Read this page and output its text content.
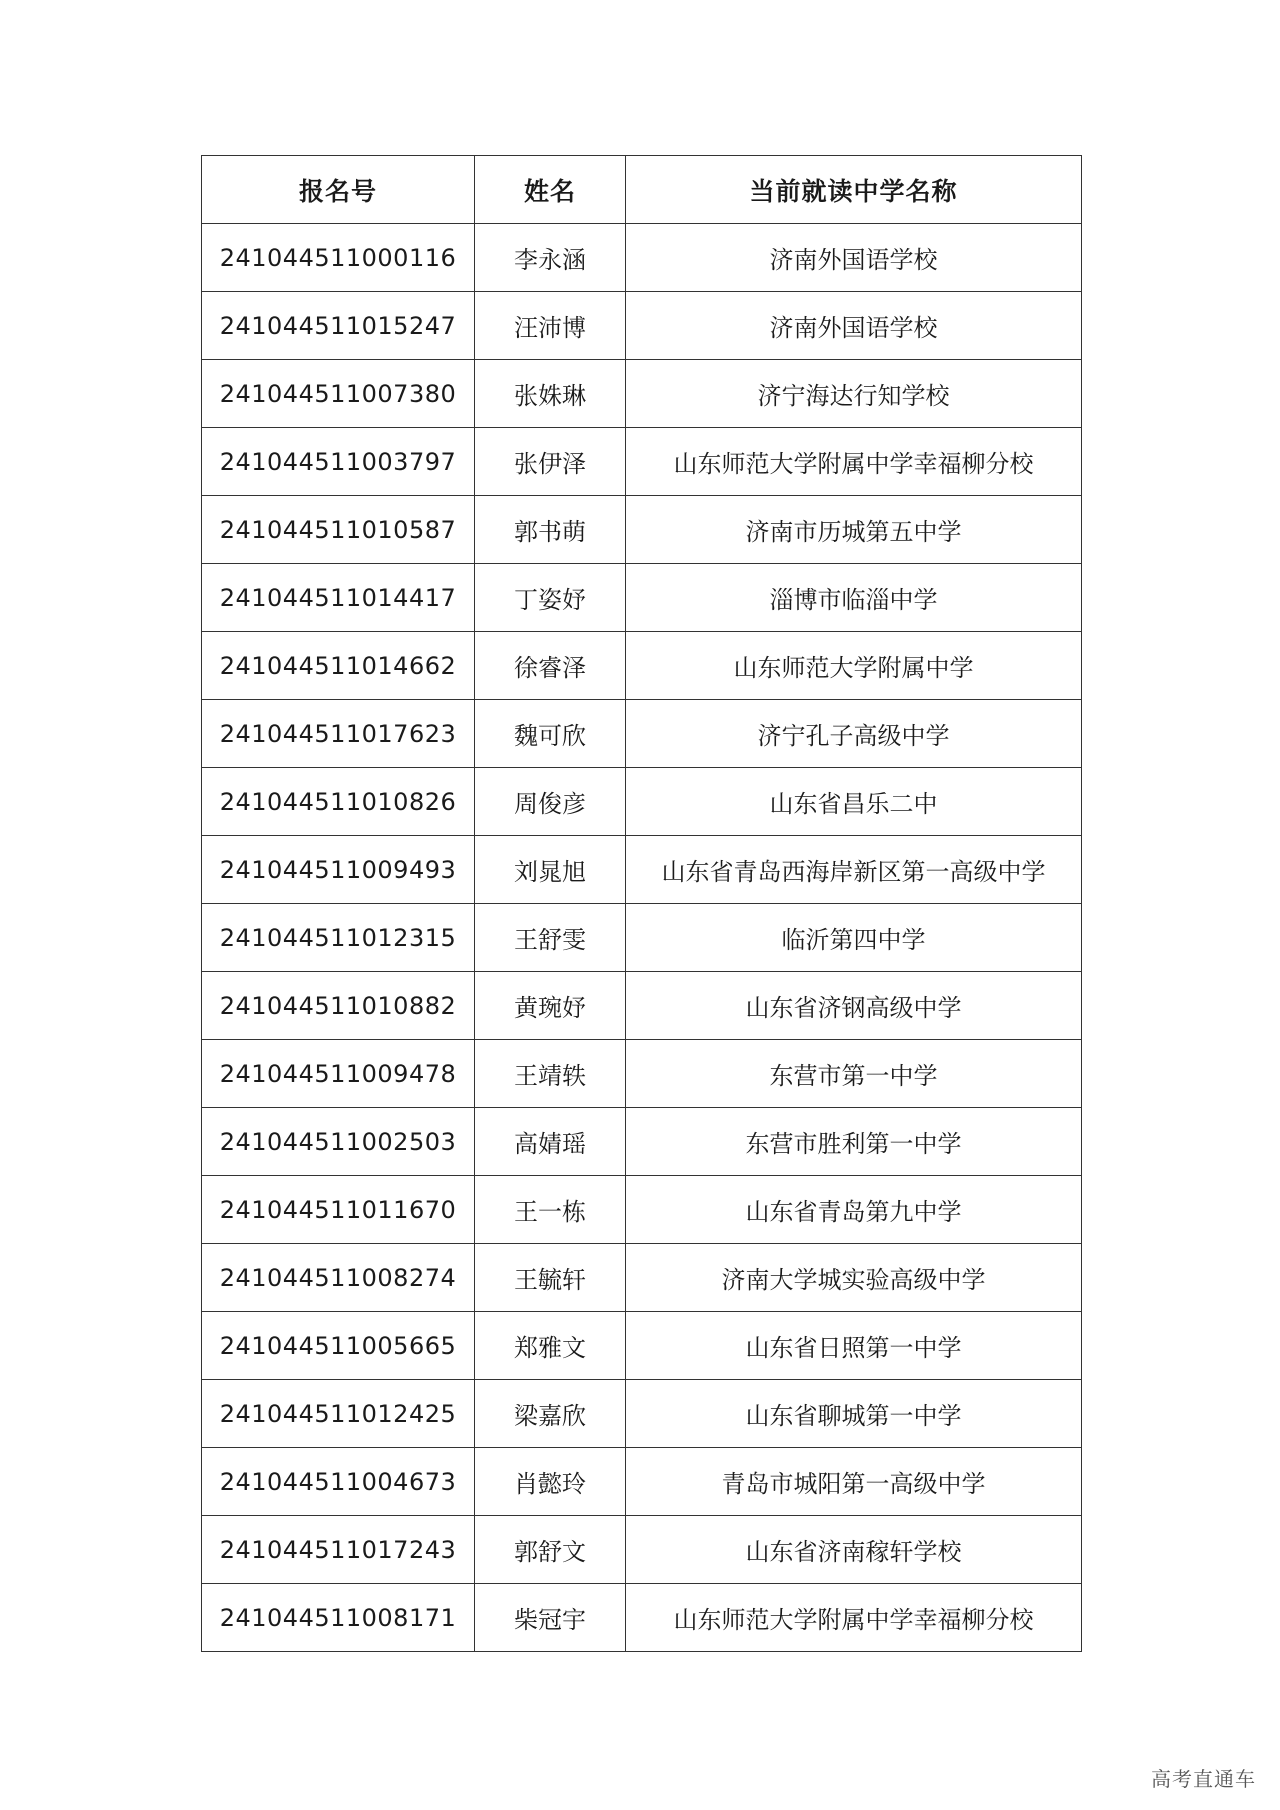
报名号	姓名	当前就读中学名称
241044511000116	李永涵	济南外国语学校
241044511015247	汪沛博	济南外国语学校
241044511007380	张姝琳	济宁海达行知学校
241044511003797	张伊泽	山东师范大学附属中学幸福柳分校
241044511010587	郭书萌	济南市历城第五中学
241044511014417	丁姿妤	淄博市临淄中学
241044511014662	徐睿泽	山东师范大学附属中学
241044511017623	魏可欣	济宁孔子高级中学
241044511010826	周俊彦	山东省昌乐二中
241044511009493	刘晁旭	山东省青岛西海岸新区第一高级中学
241044511012315	王舒雯	临沂第四中学
241044511010882	黄琬妤	山东省济钢高级中学
241044511009478	王靖轶	东营市第一中学
241044511002503	高婧瑶	东营市胜利第一中学
241044511011670	王一栋	山东省青岛第九中学
241044511008274	王毓轩	济南大学城实验高级中学
241044511005665	郑雅文	山东省日照第一中学
241044511012425	梁嘉欣	山东省聊城第一中学
241044511004673	肖懿玲	青岛市城阳第一高级中学
241044511017243	郭舒文	山东省济南稼轩学校
241044511008171	柴冠宇	山东师范大学附属中学幸福柳分校
高考直通车
